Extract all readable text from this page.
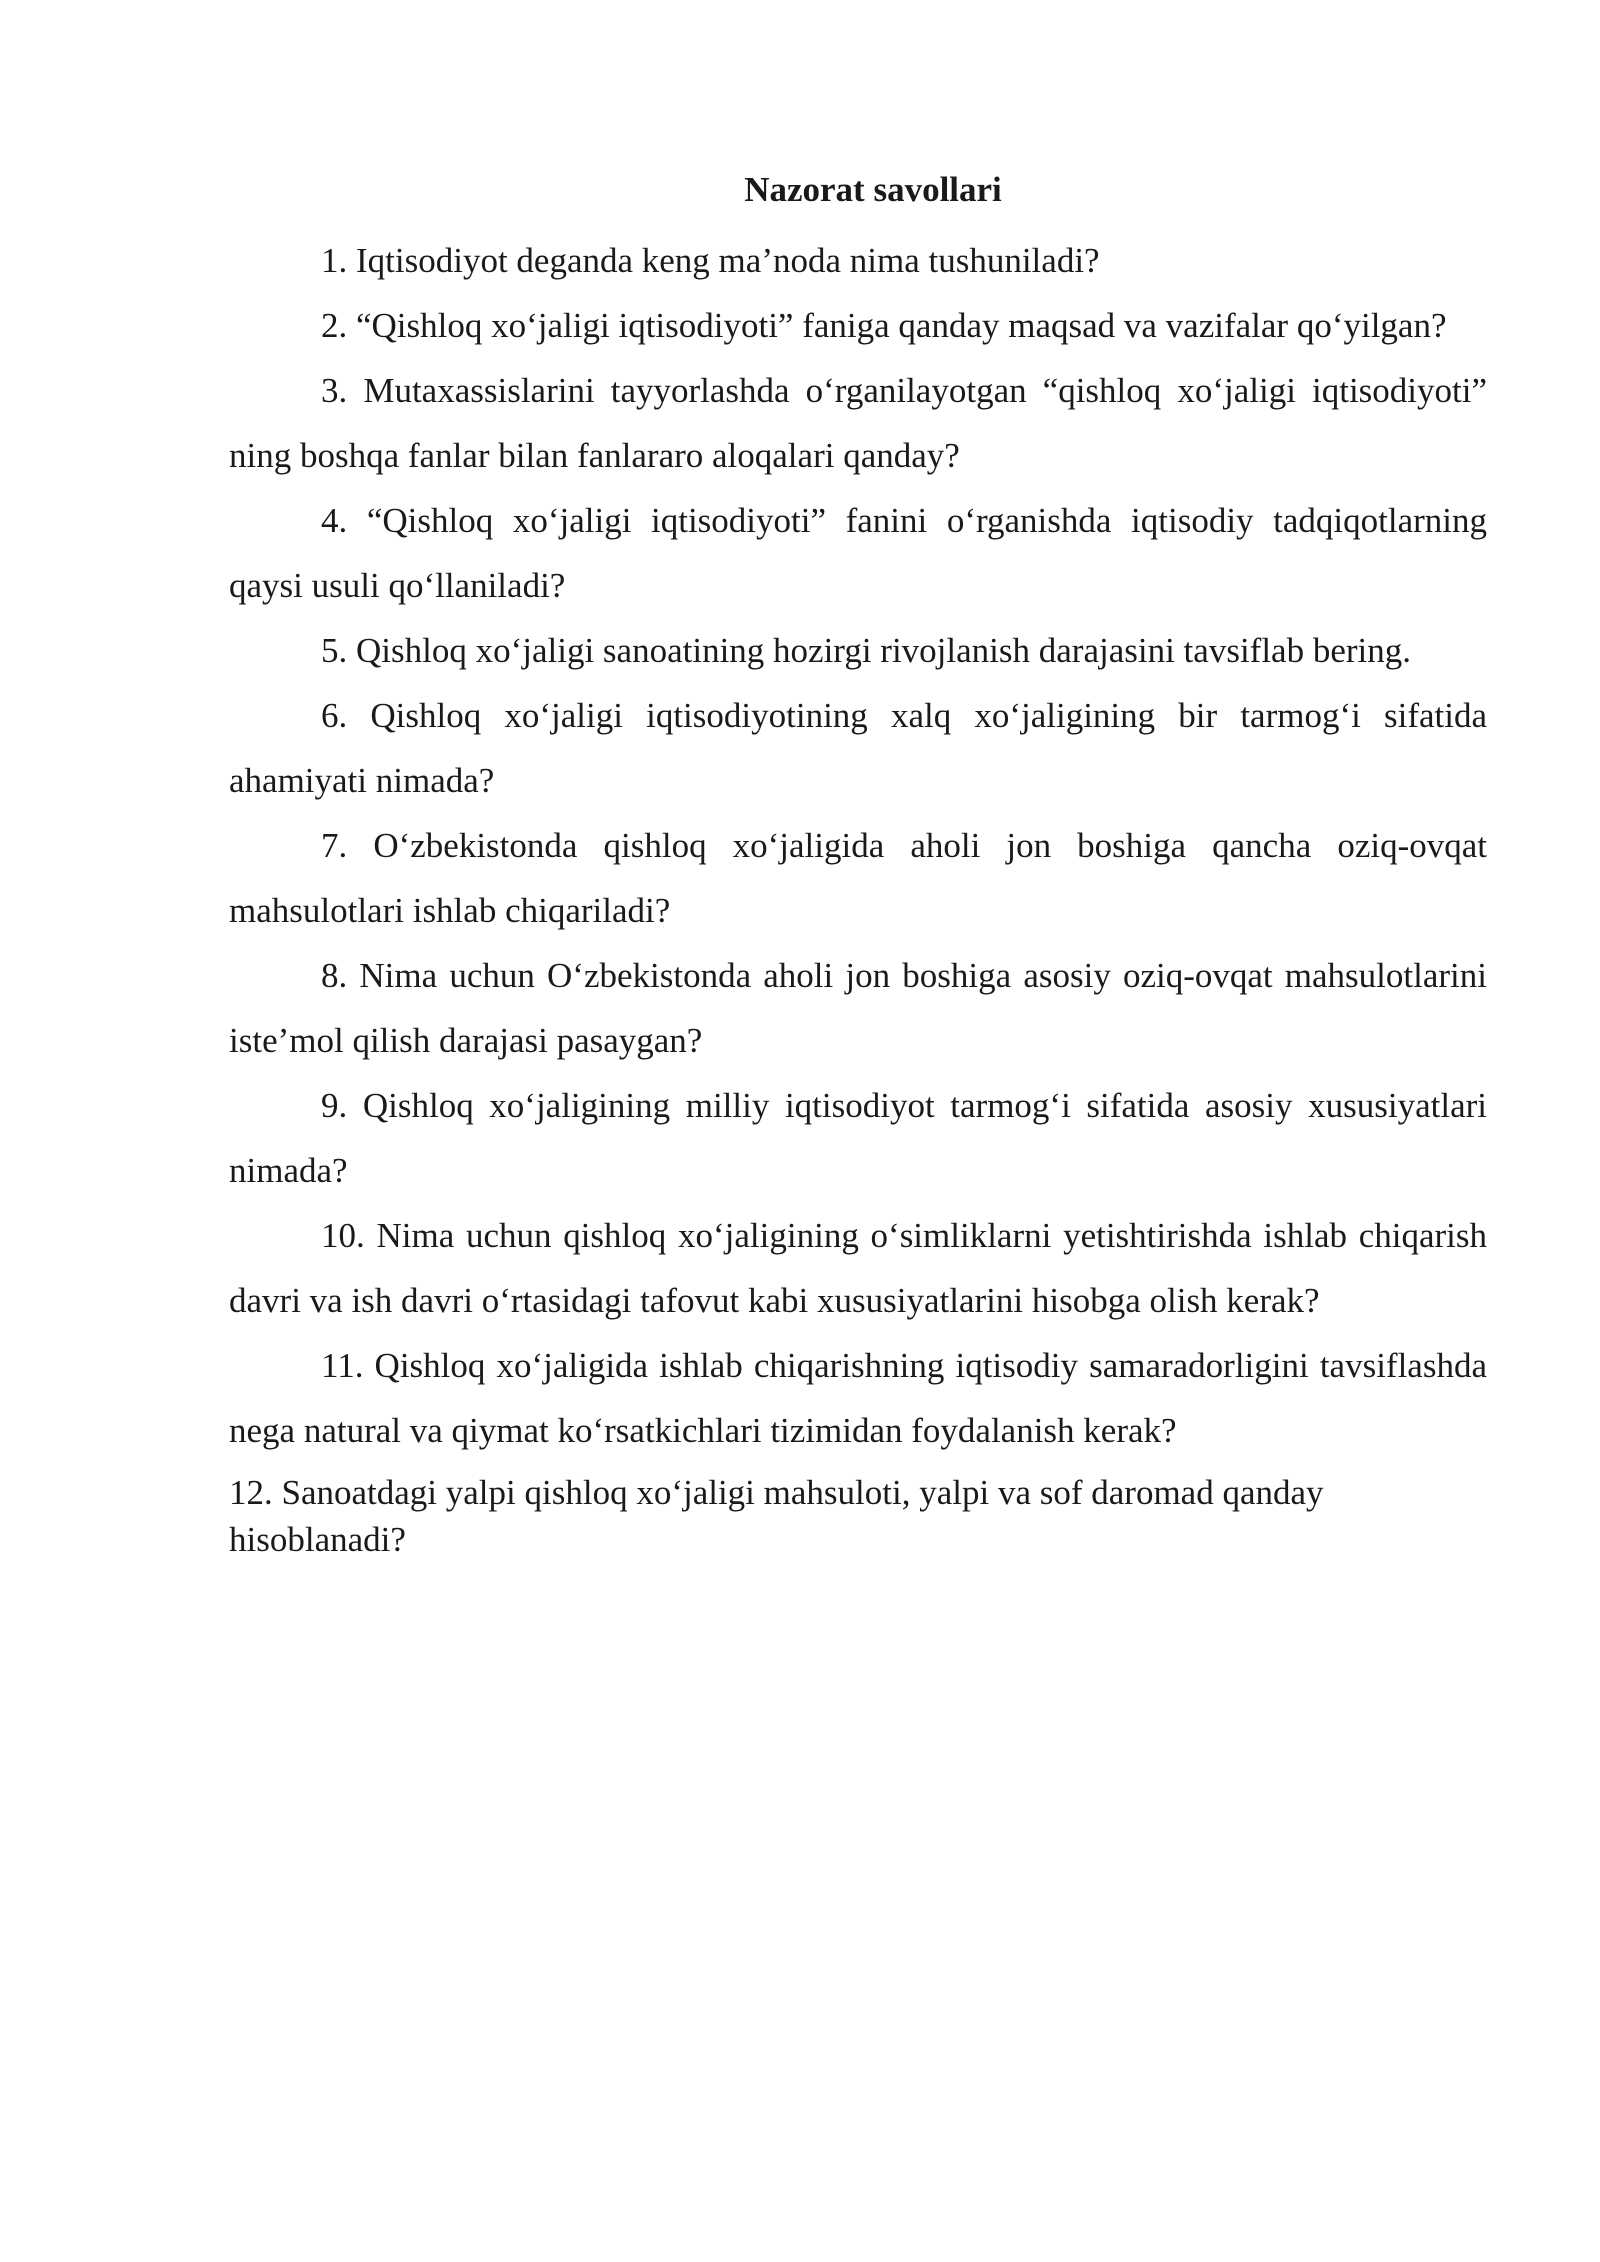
Nazorat savollari

1. Iqtisodiyot deganda keng ma’noda nima tushuniladi?

2. “Qishloq xo‘jaligi iqtisodiyoti” faniga qanday maqsad va vazifalar qo‘yilgan?

3. Mutaxassislarini tayyorlashda o‘rganilayotgan “qishloq xo‘jaligi iqtisodiyoti” ning boshqa fanlar bilan fanlararo aloqalari qanday?

4. “Qishloq xo‘jaligi iqtisodiyoti” fanini o‘rganishda iqtisodiy tadqiqotlarning qaysi usuli qo‘llaniladi?

5. Qishloq xo‘jaligi sanoatining hozirgi rivojlanish darajasini tavsiflab bering.

6. Qishloq xo‘jaligi iqtisodiyotining xalq xo‘jaligining bir tarmog‘i sifatida ahamiyati nimada?

7. O‘zbekistonda qishloq xo‘jaligida aholi jon boshiga qancha oziq-ovqat mahsulotlari ishlab chiqariladi?

8. Nima uchun O‘zbekistonda aholi jon boshiga asosiy oziq-ovqat mahsulotlarini iste’mol qilish darajasi pasaygan?

9. Qishloq xo‘jaligining milliy iqtisodiyot tarmog‘i sifatida asosiy xususiyatlari nimada?

10. Nima uchun qishloq xo‘jaligining o‘simliklarni yetishtirishda ishlab chiqarish davri va ish davri o‘rtasidagi tafovut kabi xususiyatlarini hisobga olish kerak?

11. Qishloq xo‘jaligida ishlab chiqarishning iqtisodiy samaradorligini tavsiflashda nega natural va qiymat ko‘rsatkichlari tizimidan foydalanish kerak?

12. Sanoatdagi yalpi qishloq xo‘jaligi mahsuloti, yalpi va sof daromad qanday hisoblanadi?
